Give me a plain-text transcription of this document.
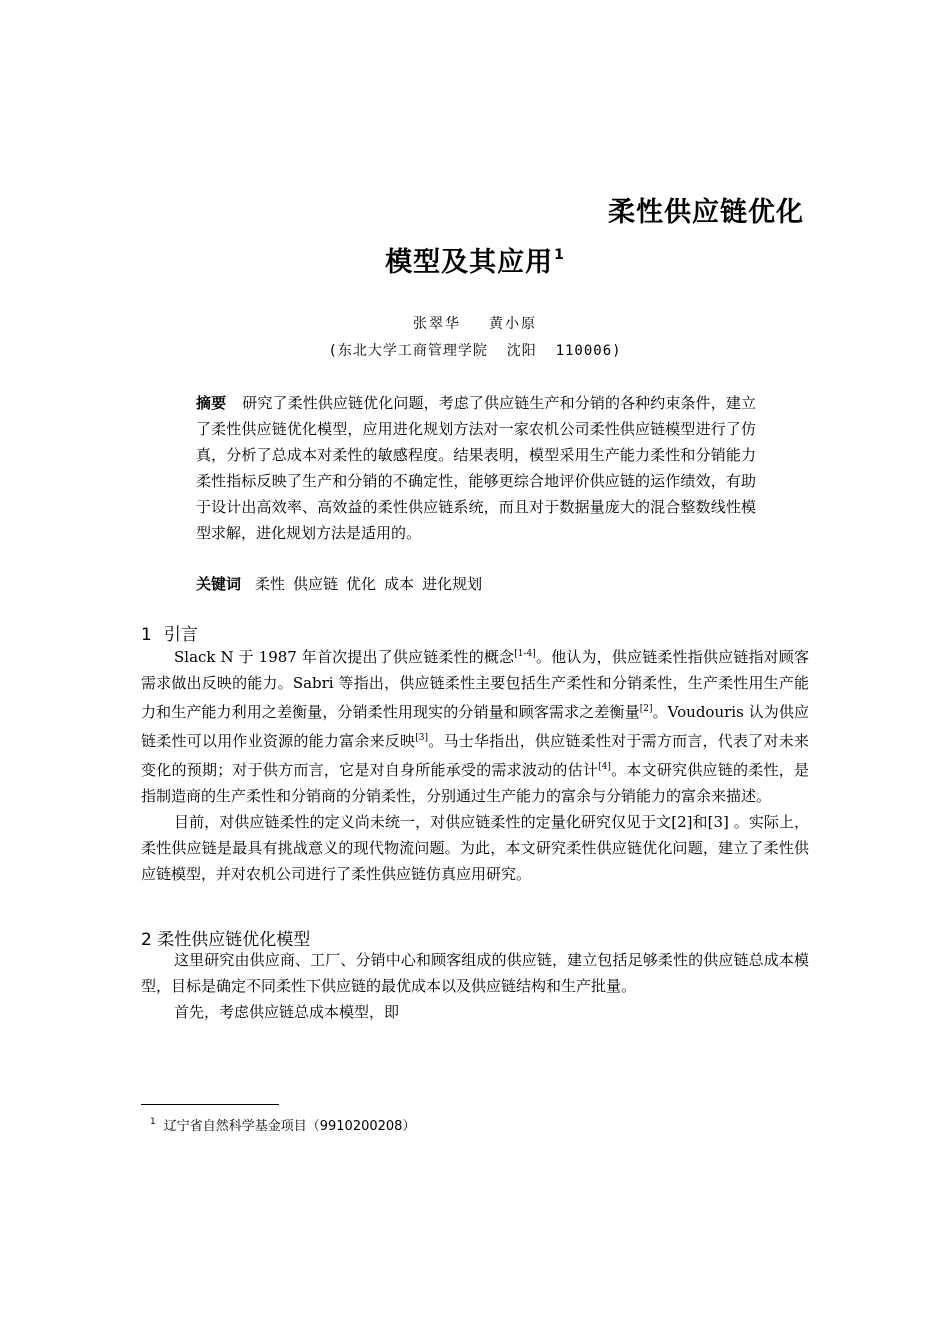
柔性供应链优化
模型及其应用$^1$
张翠华 黄小原
(东北大学工商管理学院  沈阳  110006)
摘要 研究了柔性供应链优化问题，考虑了供应链生产和分销的各种约束条件，建立了柔性供应链优化模型，应用进化规划方法对一家农机公司柔性供应链模型进行了仿真，分析了总成本对柔性的敏感程度。结果表明，模型采用生产能力柔性和分销能力柔性指标反映了生产和分销的不确定性，能够更综合地评价供应链的运作绩效，有助于设计出高效率、高效益的柔性供应链系统，而且对于数据量庞大的混合整数线性模型求解，进化规划方法是适用的。
关键词 柔性 供应链 优化 成本 进化规划
1 引言

Slack N 于 1987 年首次提出了供应链柔性的概念[1-4]。他认为，供应链柔性指供应链指对顾客需求做出反映的能力。Sabri 等指出，供应链柔性主要包括生产柔性和分销柔性，生产柔性用生产能力和生产能力利用之差衡量，分销柔性用现实的分销量和顾客需求之差衡量[2]。Voudouris 认为供应链柔性可以用作业资源的能力富余来反映[3]。马士华指出，供应链柔性对于需方而言，代表了对未来变化的预期；对于供方而言，它是对自身所能承受的需求波动的估计[4]。本文研究供应链的柔性，是指制造商的生产柔性和分销商的分销柔性，分别通过生产能力的富余与分销能力的富余来描述。

目前，对供应链柔性的定义尚未统一，对供应链柔性的定量化研究仅见于文[2]和[3] 。实际上，柔性供应链是最具有挑战意义的现代物流问题。为此，本文研究柔性供应链优化问题，建立了柔性供应链模型，并对农机公司进行了柔性供应链仿真应用研究。

2 柔性供应链优化模型

这里研究由供应商、工厂、分销中心和顾客组成的供应链，建立包括足够柔性的供应链总成本模型，目标是确定不同柔性下供应链的最优成本以及供应链结构和生产批量。

首先，考虑供应链总成本模型，即

$^1$ 辽宁省自然科学基金项目（9910200208）
